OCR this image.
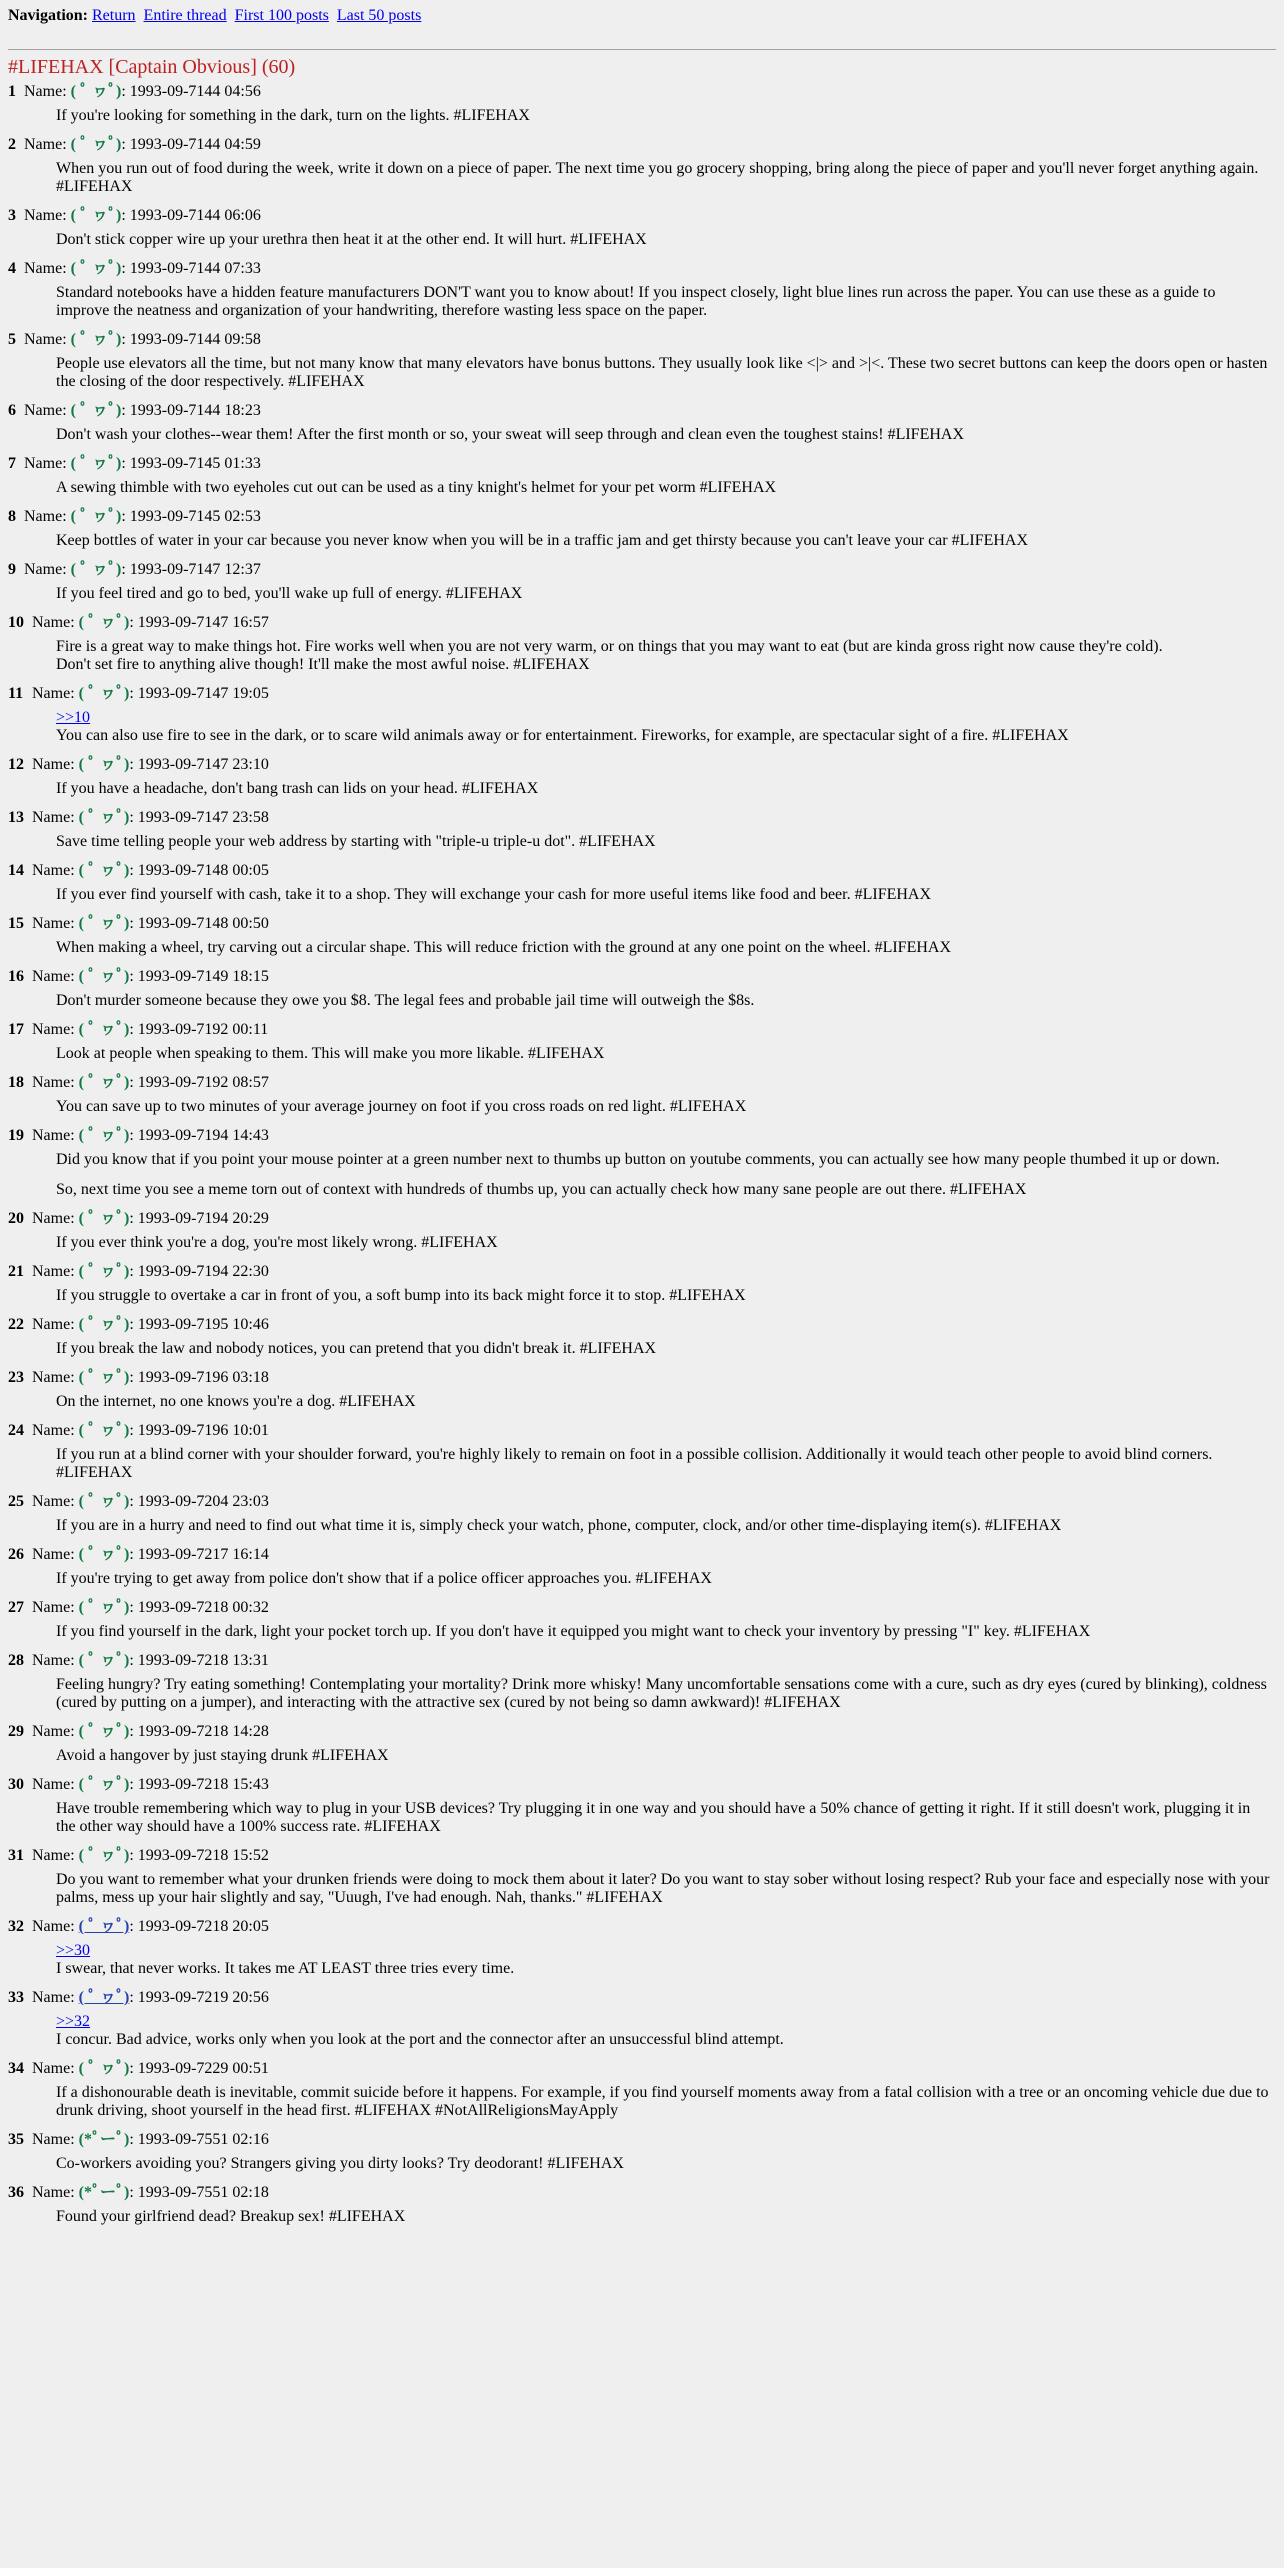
Navigation: Return Entire thread First 100 posts Last 50 posts
#LIFEHAX [Captain Obvious] (60)
1 Name: ( ﾟ ヮﾟ): 1993-09-7144 04:56

If you're looking for something in the dark, turn on the lights. #LIFEHAX

2 Name: ( ﾟ ヮﾟ): 1993-09-7144 04:59

When you run out of food during the week, write it down on a piece of paper. The next time you go grocery shopping, bring along the piece of paper and you'll never forget anything again. #LIFEHAX

3 Name: ( ﾟ ヮﾟ): 1993-09-7144 06:06

Don't stick copper wire up your urethra then heat it at the other end. It will hurt. #LIFEHAX

4 Name: ( ﾟ ヮﾟ): 1993-09-7144 07:33

Standard notebooks have a hidden feature manufacturers DON'T want you to know about! If you inspect closely, light blue lines run across the paper. You can use these as a guide to improve the neatness and organization of your handwriting, therefore wasting less space on the paper.

5 Name: ( ﾟ ヮﾟ): 1993-09-7144 09:58

People use elevators all the time, but not many know that many elevators have bonus buttons. They usually look like <|> and >|<. These two secret buttons can keep the doors open or hasten the closing of the door respectively. #LIFEHAX

6 Name: ( ﾟ ヮﾟ): 1993-09-7144 18:23

Don't wash your clothes--wear them! After the first month or so, your sweat will seep through and clean even the toughest stains! #LIFEHAX

7 Name: ( ﾟ ヮﾟ): 1993-09-7145 01:33

A sewing thimble with two eyeholes cut out can be used as a tiny knight's helmet for your pet worm #LIFEHAX

8 Name: ( ﾟ ヮﾟ): 1993-09-7145 02:53

Keep bottles of water in your car because you never know when you will be in a traffic jam and get thirsty because you can't leave your car #LIFEHAX

9 Name: ( ﾟ ヮﾟ): 1993-09-7147 12:37

If you feel tired and go to bed, you'll wake up full of energy. #LIFEHAX

10 Name: ( ﾟ ヮﾟ): 1993-09-7147 16:57

Fire is a great way to make things hot. Fire works well when you are not very warm, or on things that you may want to eat (but are kinda gross right now cause they're cold).

Don't set fire to anything alive though! It'll make the most awful noise. #LIFEHAX

11 Name: ( ﾟ ヮﾟ): 1993-09-7147 19:05
>>10

You can also use fire to see in the dark, or to scare wild animals away or for entertainment. Fireworks, for example, are spectacular sight of a fire. #LIFEHAX

12 Name: ( ﾟ ヮﾟ): 1993-09-7147 23:10

If you have a headache, don't bang trash can lids on your head. #LIFEHAX

13 Name: ( ﾟ ヮﾟ): 1993-09-7147 23:58

Save time telling people your web address by starting with "triple-u triple-u dot". #LIFEHAX

14 Name: ( ﾟ ヮﾟ): 1993-09-7148 00:05

If you ever find yourself with cash, take it to a shop. They will exchange your cash for more useful items like food and beer. #LIFEHAX

15 Name: ( ﾟ ヮﾟ): 1993-09-7148 00:50

When making a wheel, try carving out a circular shape. This will reduce friction with the ground at any one point on the wheel. #LIFEHAX

16 Name: ( ﾟ ヮﾟ): 1993-09-7149 18:15

Don't murder someone because they owe you $8. The legal fees and probable jail time will outweigh the $8s.

17 Name: ( ﾟ ヮﾟ): 1993-09-7192 00:11

Look at people when speaking to them. This will make you more likable. #LIFEHAX

18 Name: ( ﾟ ヮﾟ): 1993-09-7192 08:57

You can save up to two minutes of your average journey on foot if you cross roads on red light. #LIFEHAX

19 Name: ( ﾟ ヮﾟ): 1993-09-7194 14:43

Did you know that if you point your mouse pointer at a green number next to thumbs up button on youtube comments, you can actually see how many people thumbed it up or down.

So, next time you see a meme torn out of context with hundreds of thumbs up, you can actually check how many sane people are out there. #LIFEHAX

20 Name: ( ﾟ ヮﾟ): 1993-09-7194 20:29

If you ever think you're a dog, you're most likely wrong. #LIFEHAX

21 Name: ( ﾟ ヮﾟ): 1993-09-7194 22:30

If you struggle to overtake a car in front of you, a soft bump into its back might force it to stop. #LIFEHAX

22 Name: ( ﾟ ヮﾟ): 1993-09-7195 10:46

If you break the law and nobody notices, you can pretend that you didn't break it. #LIFEHAX

23 Name: ( ﾟ ヮﾟ): 1993-09-7196 03:18

On the internet, no one knows you're a dog. #LIFEHAX

24 Name: ( ﾟ ヮﾟ): 1993-09-7196 10:01

If you run at a blind corner with your shoulder forward, you're highly likely to remain on foot in a possible collision. Additionally it would teach other people to avoid blind corners. #LIFEHAX

25 Name: ( ﾟ ヮﾟ): 1993-09-7204 23:03

If you are in a hurry and need to find out what time it is, simply check your watch, phone, computer, clock, and/or other time-displaying item(s). #LIFEHAX

26 Name: ( ﾟ ヮﾟ): 1993-09-7217 16:14

If you're trying to get away from police don't show that if a police officer approaches you. #LIFEHAX

27 Name: ( ﾟ ヮﾟ): 1993-09-7218 00:32

If you find yourself in the dark, light your pocket torch up. If you don't have it equipped you might want to check your inventory by pressing "I" key. #LIFEHAX

28 Name: ( ﾟ ヮﾟ): 1993-09-7218 13:31

Feeling hungry? Try eating something! Contemplating your mortality? Drink more whisky! Many uncomfortable sensations come with a cure, such as dry eyes (cured by blinking), coldness (cured by putting on a jumper), and interacting with the attractive sex (cured by not being so damn awkward)! #LIFEHAX

29 Name: ( ﾟ ヮﾟ): 1993-09-7218 14:28

Avoid a hangover by just staying drunk #LIFEHAX

30 Name: ( ﾟ ヮﾟ): 1993-09-7218 15:43

Have trouble remembering which way to plug in your USB devices? Try plugging it in one way and you should have a 50% chance of getting it right. If it still doesn't work, plugging it in the other way should have a 100% success rate. #LIFEHAX

31 Name: ( ﾟ ヮﾟ): 1993-09-7218 15:52

Do you want to remember what your drunken friends were doing to mock them about it later? Do you want to stay sober without losing respect? Rub your face and especially nose with your palms, mess up your hair slightly and say, "Uuugh, I've had enough. Nah, thanks." #LIFEHAX

32 Name: ( ﾟ ヮﾟ): 1993-09-7218 20:05
>>30

I swear, that never works. It takes me AT LEAST three tries every time.

33 Name: ( ﾟ ヮﾟ): 1993-09-7219 20:56
>>32

I concur. Bad advice, works only when you look at the port and the connector after an unsuccessful blind attempt.

34 Name: ( ﾟ ヮﾟ): 1993-09-7229 00:51

If a dishonourable death is inevitable, commit suicide before it happens. For example, if you find yourself moments away from a fatal collision with a tree or an oncoming vehicle due due to drunk driving, shoot yourself in the head first. #LIFEHAX #NotAllReligionsMayApply

35 Name: (*ﾟーﾟ): 1993-09-7551 02:16

Co-workers avoiding you? Strangers giving you dirty looks? Try deodorant! #LIFEHAX

36 Name: (*ﾟーﾟ): 1993-09-7551 02:18

Found your girlfriend dead? Breakup sex! #LIFEHAX
